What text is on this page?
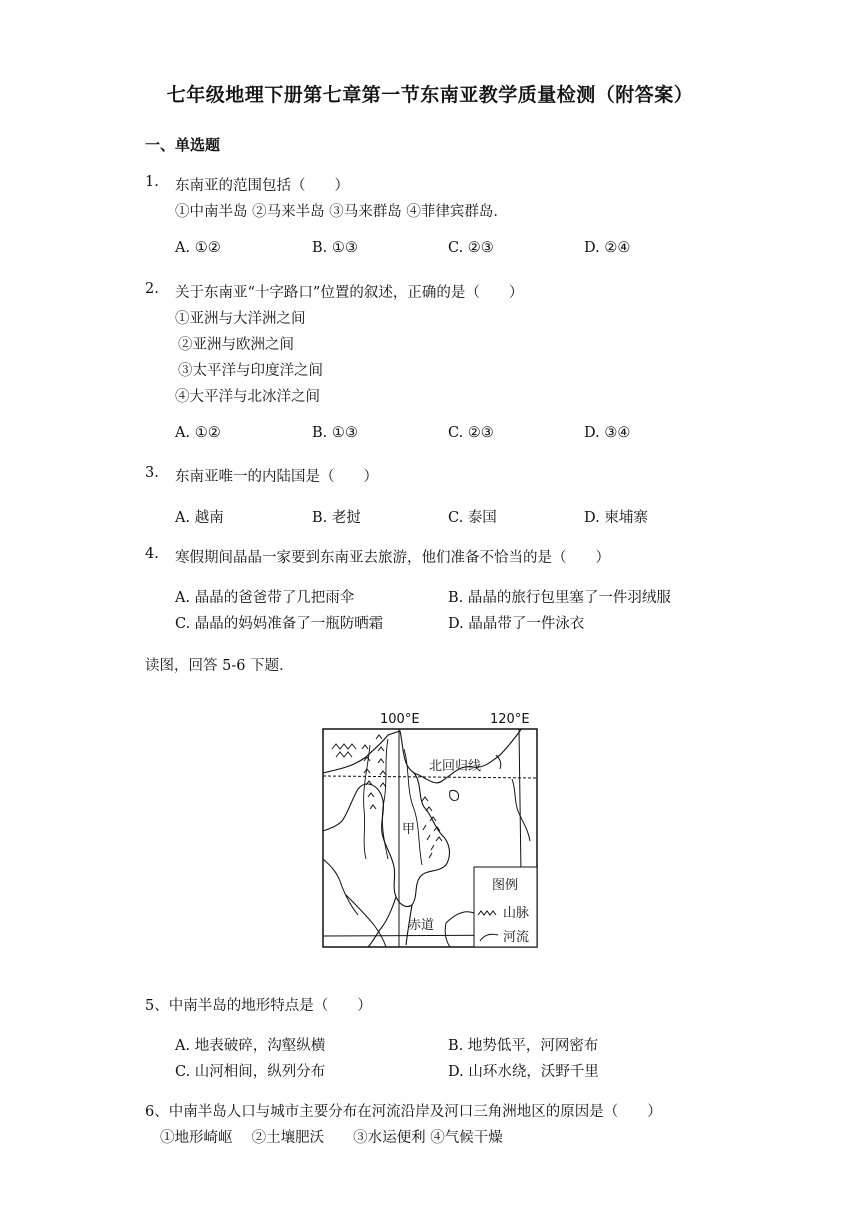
七年级地理下册第七章第一节东南亚教学质量检测（附答案）
一、单选题
1. 东南亚的范围包括（　　）
①中南半岛 ②马来半岛 ③马来群岛 ④菲律宾群岛．
A. ①②	B. ①③	C. ②③	D. ②④
2. 关于东南亚“十字路口”位置的叙述，正确的是（　　）
①亚洲与大洋洲之间
②亚洲与欧洲之间
③太平洋与印度洋之间
④大平洋与北冰洋之间
A. ①②	B. ①③	C. ②③	D. ③④
3. 东南亚唯一的内陆国是（　　）
A. 越南	B. 老挝	C. 泰国	D. 柬埔寨
4. 寒假期间晶晶一家要到东南亚去旅游，他们准备不恰当的是（　　）
A. 晶晶的爸爸带了几把雨伞	B. 晶晶的旅行包里塞了一件羽绒服
C. 晶晶的妈妈准备了一瓶防晒霜	D. 晶晶带了一件泳衣
读图，回答 5-6 下题．
100°E	120°E
北回归线
赤道
甲
图例
山脉
河流
5、中南半岛的地形特点是（　　）
A. 地表破碎，沟壑纵横	B. 地势低平，河网密布
C. 山河相间，纵列分布	D. 山环水绕，沃野千里
6、中南半岛人口与城市主要分布在河流沿岸及河口三角洲地区的原因是（　　）
①地形崎岖　 ②土壤肥沃　　③水运便利 ④气候干燥
